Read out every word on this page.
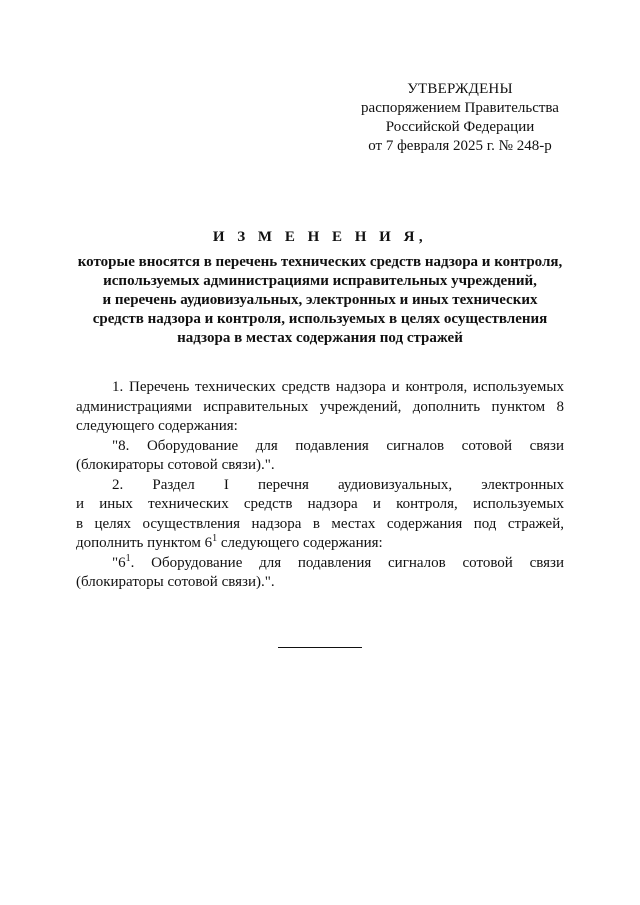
УТВЕРЖДЕНЫ
распоряжением Правительства
Российской Федерации
от 7 февраля 2025 г. № 248-р
И З М Е Н Е Н И Я,
которые вносятся в перечень технических средств надзора и контроля,
используемых администрациями исправительных учреждений,
и перечень аудиовизуальных, электронных и иных технических
средств надзора и контроля, используемых в целях осуществления
надзора в местах содержания под стражей
1. Перечень технических средств надзора и контроля, используемых
администрациями исправительных учреждений, дополнить пунктом 8
следующего содержания:
"8. Оборудование для подавления сигналов сотовой связи
(блокираторы сотовой связи).".
2. Раздел I перечня аудиовизуальных, электронных
и иных технических средств надзора и контроля, используемых
в целях осуществления надзора в местах содержания под стражей,
дополнить пунктом $6^1$ следующего содержания:
"$6^1$. Оборудование для подавления сигналов сотовой связи
(блокираторы сотовой связи).".
